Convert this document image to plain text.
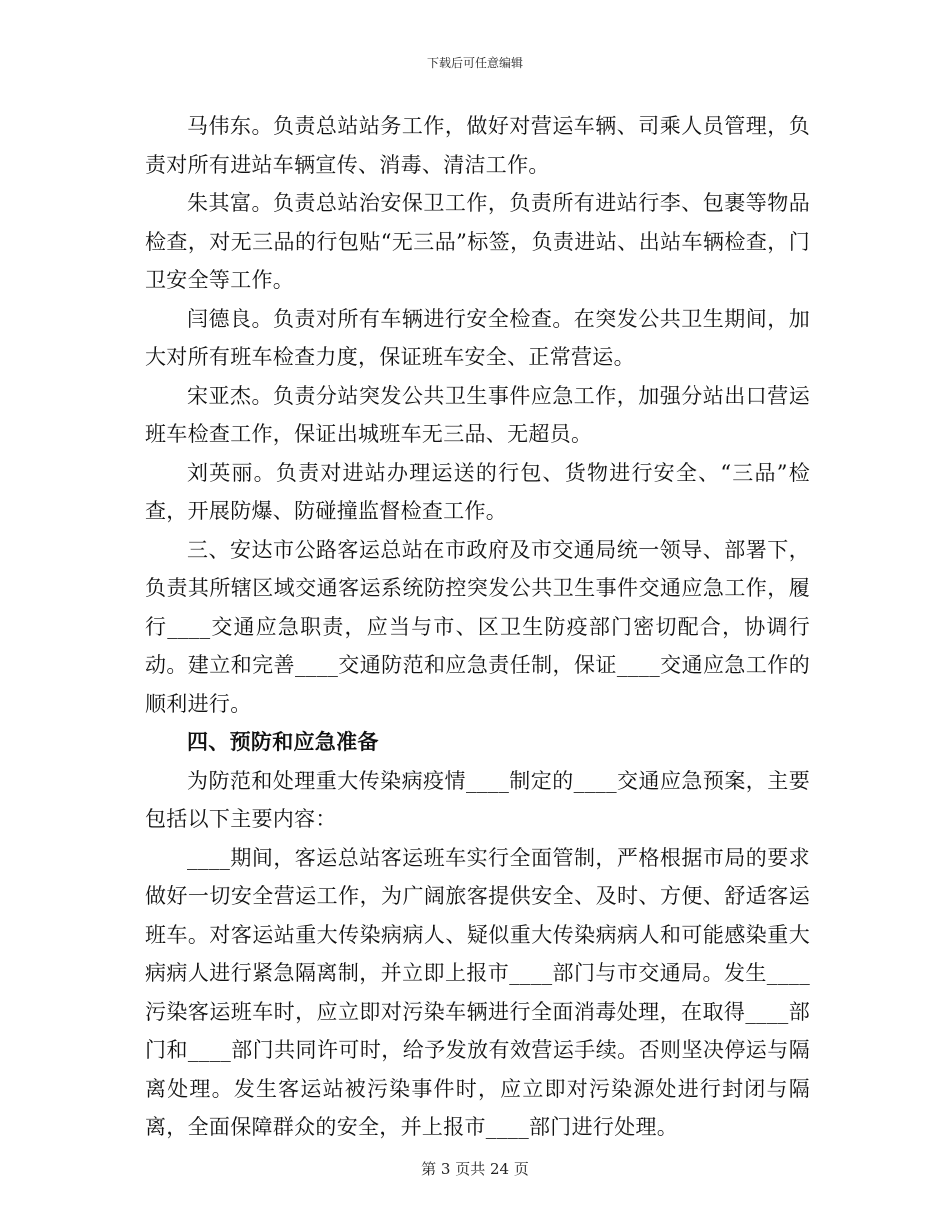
下载后可任意编辑

马伟东。负责总站站务工作，做好对营运车辆、司乘人员管理，负责对所有进站车辆宣传、消毒、清洁工作。

朱其富。负责总站治安保卫工作，负责所有进站行李、包裹等物品检查，对无三品的行包贴“无三品”标签，负责进站、出站车辆检查，门卫安全等工作。

闫德良。负责对所有车辆进行安全检查。在突发公共卫生期间，加大对所有班车检查力度，保证班车安全、正常营运。

宋亚杰。负责分站突发公共卫生事件应急工作，加强分站出口营运班车检查工作，保证出城班车无三品、无超员。

刘英丽。负责对进站办理运送的行包、货物进行安全、“三品”检查，开展防爆、防碰撞监督检查工作。

三、安达市公路客运总站在市政府及市交通局统一领导、部署下，负责其所辖区域交通客运系统防控突发公共卫生事件交通应急工作，履行____交通应急职责，应当与市、区卫生防疫部门密切配合，协调行动。建立和完善____交通防范和应急责任制，保证____交通应急工作的顺利进行。

四、预防和应急准备

为防范和处理重大传染病疫情____制定的____交通应急预案，主要包括以下主要内容：

____期间，客运总站客运班车实行全面管制，严格根据市局的要求做好一切安全营运工作，为广阔旅客提供安全、及时、方便、舒适客运班车。对客运站重大传染病病人、疑似重大传染病病人和可能感染重大病病人进行紧急隔离制，并立即上报市____部门与市交通局。发生____污染客运班车时，应立即对污染车辆进行全面消毒处理，在取得____部门和____部门共同许可时，给予发放有效营运手续。否则坚决停运与隔离处理。发生客运站被污染事件时，应立即对污染源处进行封闭与隔离，全面保障群众的安全，并上报市____部门进行处理。

第 3 页共 24 页
